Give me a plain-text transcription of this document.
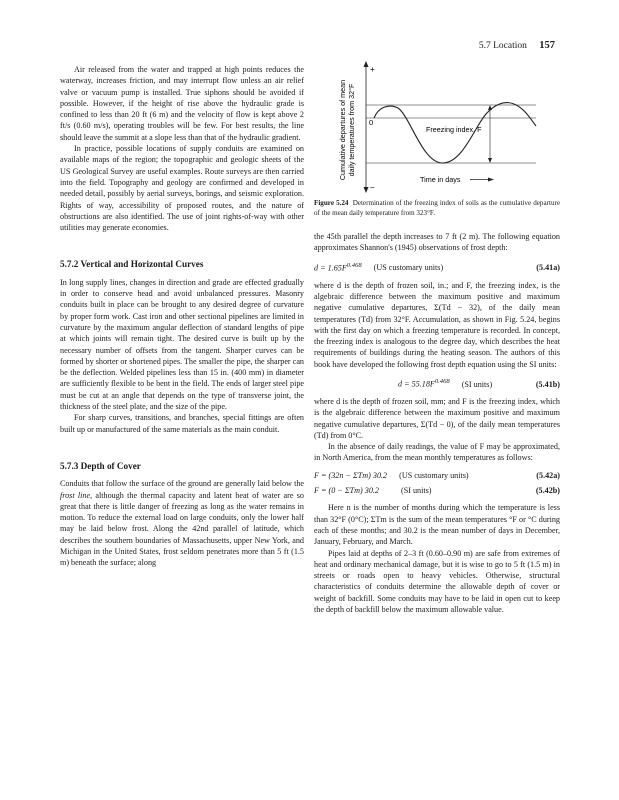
5.7 Location 157

Air released from the water and trapped at high points reduces the waterway, increases friction, and may interrupt flow unless an air relief valve or vacuum pump is installed. True siphons should be avoided if possible. However, if the height of rise above the hydraulic grade is confined to less than 20 ft (6 m) and the velocity of flow is kept above 2 ft/s (0.60 m/s), operating troubles will be few. For best results, the line should leave the summit at a slope less than that of the hydraulic gradient.

In practice, possible locations of supply conduits are examined on available maps of the region; the topographic and geologic sheets of the US Geological Survey are useful examples. Route surveys are then carried into the field. Topography and geology are confirmed and developed in needed detail, possibly by aerial surveys, borings, and seismic exploration. Rights of way, accessibility of proposed routes, and the nature of obstructions are also identified. The use of joint rights-of-way with other utilities may generate economies.

5.7.2 Vertical and Horizontal Curves

In long supply lines, changes in direction and grade are effected gradually in order to conserve head and avoid unbalanced pressures. Masonry conduits built in place can be brought to any desired degree of curvature by proper form work. Cast iron and other sectional pipelines are limited in curvature by the maximum angular deflection of standard lengths of pipe at which joints will remain tight. The desired curve is built up by the necessary number of offsets from the tangent. Sharper curves can be formed by shorter or shortened pipes. The smaller the pipe, the sharper can be the deflection. Welded pipelines less than 15 in. (400 mm) in diameter are sufficiently flexible to be bent in the field. The ends of larger steel pipe must be cut at an angle that depends on the type of transverse joint, the thickness of the steel plate, and the size of the pipe.

For sharp curves, transitions, and branches, special fittings are often built up or manufactured of the same materials as the main conduit.

5.7.3 Depth of Cover

Conduits that follow the surface of the ground are generally laid below the frost line, although the thermal capacity and latent heat of water are so great that there is little danger of freezing as long as the water remains in motion. To reduce the external load on large conduits, only the lower half may be laid below frost. Along the 42nd parallel of latitude, which describes the southern boundaries of Massachusetts, upper New York, and Michigan in the United States, frost seldom penetrates more than 5 ft (1.5 m) beneath the surface; along

Cumulative departures of mean daily temperatures from 32°F
+
−
0
Freezing index, F
Time in days
Figure 5.24 Determination of the freezing index of soils as the cumulative departure of the mean daily temperature from 323°F.

the 45th parallel the depth increases to 7 ft (2 m). The following equation approximates Shannon's (1945) observations of frost depth:

$d = 1.65F^{0.468}$ (US customary units)	(5.41a)

where d is the depth of frozen soil, in.; and F, the freezing index, is the algebraic difference between the maximum positive and maximum negative cumulative departures, Σ(Td − 32), of the daily mean temperatures (Td) from 32°F. Accumulation, as shown in Fig. 5.24, begins with the first day on which a freezing temperature is recorded. In concept, the freezing index is analogous to the degree day, which describes the heat requirements of buildings during the heating season. The authors of this book have developed the following frost depth equation using the SI units:

$d = 55.18F^{0.468}$ (SI units)	(5.41b)

where d is the depth of frozen soil, mm; and F is the freezing index, which is the algebraic difference between the maximum positive and maximum negative cumulative departures, Σ(Td − 0), of the daily mean temperatures (Td) from 0°C.

In the absence of daily readings, the value of F may be approximated, in North America, from the mean monthly temperatures as follows:

F = (32n − ΣTm) 30.2 (US customary units)	(5.42a)
F = (0 − ΣTm) 30.2	(SI units)	(5.42b)

Here n is the number of months during which the temperature is less than 32°F (0°C); ΣTm is the sum of the mean temperatures °F or °C during each of these months; and 30.2 is the mean number of days in December, January, February, and March.

Pipes laid at depths of 2–3 ft (0.60–0.90 m) are safe from extremes of heat and ordinary mechanical damage, but it is wise to go to 5 ft (1.5 m) in streets or roads open to heavy vehicles. Otherwise, structural characteristics of conduits determine the allowable depth of cover or weight of backfill. Some conduits may have to be laid in open cut to keep the depth of backfill below the maximum allowable value.
